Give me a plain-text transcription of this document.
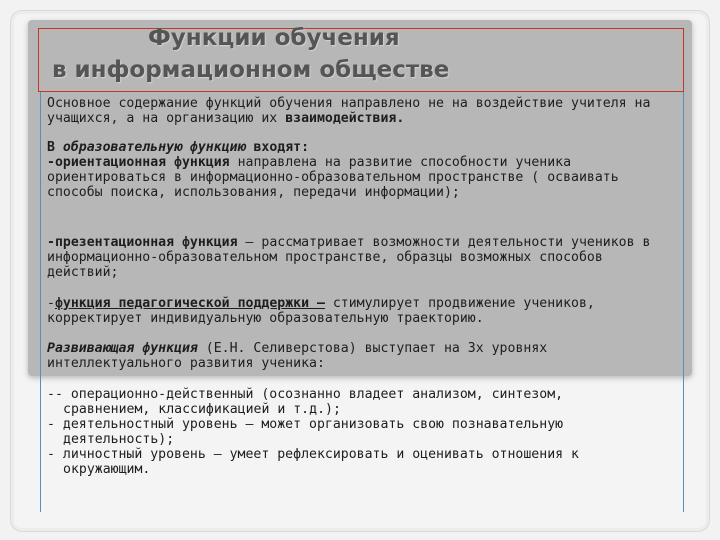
Функции обучения
в информационном обществе
Основное содержание функций обучения направлено не на воздействие учителя на учащихся, а на организацию их взаимодействия.
В образовательную функцию входят:
-ориентационная функция направлена на развитие способности ученика ориентироваться в информационно-образовательном пространстве ( осваивать способы поиска, использования, передачи информации);
-презентационная функция – рассматривает возможности деятельности учеников в информационно-образовательном пространстве, образцы возможных способов действий;
-функция педагогической поддержки – стимулирует продвижение учеников, корректирует индивидуальную образовательную траекторию.
Развивающая функция (Е.Н. Селиверстова) выступает на 3х уровнях интеллектуального развития ученика:
-- операционно-действенный (осознанно владеет анализом, синтезом,
сравнением, классификацией и т.д.);
- деятельностный уровень – может организовать свою познавательную
деятельность);
- личностный уровень – умеет рефлексировать и оценивать отношения к
окружающим.
